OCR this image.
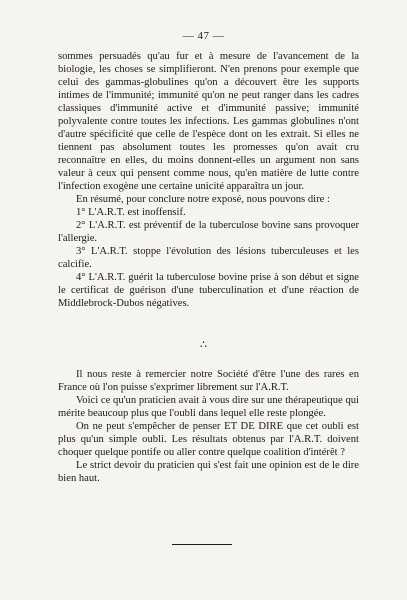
— 47 —

sommes persuadés qu'au fur et à mesure de l'avancement de la biologie, les choses se simplifieront. N'en prenons pour exemple que celui des gammas-globulines qu'on a découvert être les supports intimes de l'immunité; immunité qu'on ne peut ranger dans les cadres classiques d'immunité active et d'immunité passive; immunité polyvalente contre toutes les infections. Les gammas globulines n'ont d'autre spécificité que celle de l'espèce dont on les extrait. Si elles ne tiennent pas absolument toutes les promesses qu'on avait cru reconnaître en elles, du moins donnent-elles un argument non sans valeur à ceux qui pensent comme nous, qu'en matière de lutte contre l'infection exogène une certaine unicité apparaîtra un jour.

En résumé, pour conclure notre exposé, nous pouvons dire :

1° L'A.R.T. est inoffensif.

2° L'A.R.T. est préventif de la tuberculose bovine sans provoquer l'allergie.

3° L'A.R.T. stoppe l'évolution des lésions tuberculeuses et les calcifie.

4° L'A.R.T. guérit la tuberculose bovine prise à son début et signe le certificat de guérison d'une tuberculination et d'une réaction de Middlebrock-Dubos négatives.

∴

Il nous reste à remercier notre Société d'être l'une des rares en France où l'on puisse s'exprimer librement sur l'A.R.T.

Voici ce qu'un praticien avait à vous dire sur une thérapeutique qui mérite beaucoup plus que l'oubli dans lequel elle reste plongée.

On ne peut s'empêcher de penser ET DE DIRE que cet oubli est plus qu'un simple oubli. Les résultats obtenus par l'A.R.T. doivent choquer quelque pontife ou aller contre quelque coalition d'intérêt ?

Le strict devoir du praticien qui s'est fait une opinion est de le dire bien haut.
